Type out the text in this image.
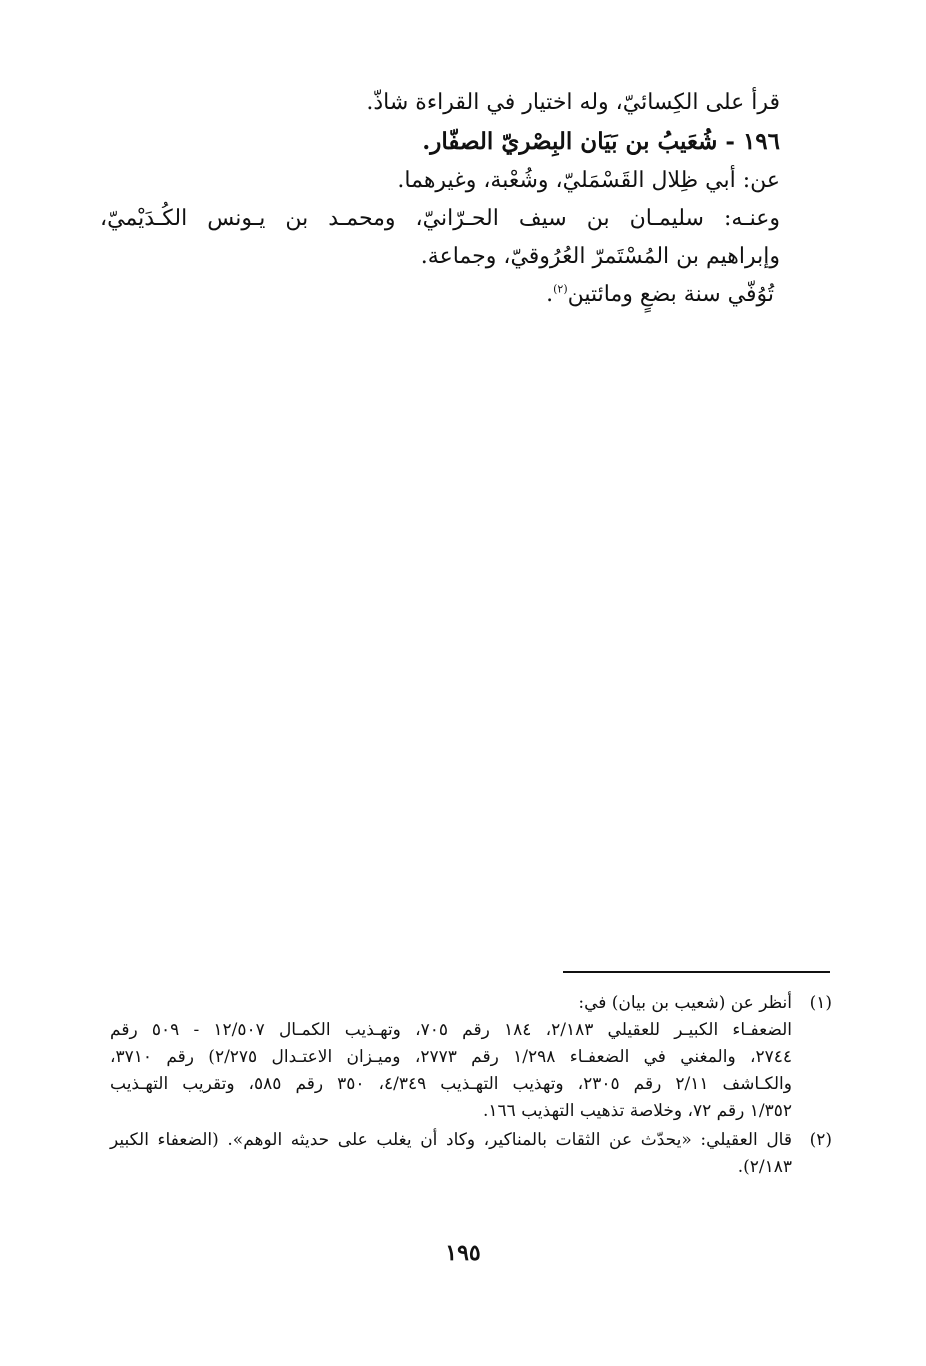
قرأ على الكِسائيّ، وله اختيار في القراءة شاذّ.
١٩٦ - شُعَيبُ بن بَيَان البِصْريّ الصفّار.
عن: أبي ظِلال القَسْمَليّ، وشُعْبة، وغيرهما.
وعنـه: سليمـان بن سيف الحـرّانيّ، ومحمـد بن يـونس الكُـدَيْميّ،
وإبراهيم بن المُسْتَمرّ العُرُوقيّ، وجماعة.
تُوُفّي سنة بضعٍ ومائتين$^{(٢)}$.
(١)
أنظر عن (شعيب بن بيان) في:
الضعفـاء الكبيـر للعقيلي ٢/١٨٣، ١٨٤ رقم ٧٠٥، وتهـذيب الكمـال ١٢/٥٠٧ - ٥٠٩ رقم
٢٧٤٤، والمغني في الضعفـاء ١/٢٩٨ رقم ٢٧٧٣، وميـزان الاعتـدال ٢/٢٧٥) رقم ٣٧١٠،
والكـاشف ٢/١١ رقم ٢٣٠٥، وتهذيب التهـذيب ٤/٣٤٩، ٣٥٠ رقم ٥٨٥، وتقريب التهـذيب
١/٣٥٢ رقم ٧٢، وخلاصة تذهيب التهذيب ١٦٦.
(٢)
قال العقيلي: «يحدّث عن الثقات بالمناكير، وكاد أن يغلب على حديثه الوهم». (الضعفاء الكبير
٢/١٨٣).
١٩٥
